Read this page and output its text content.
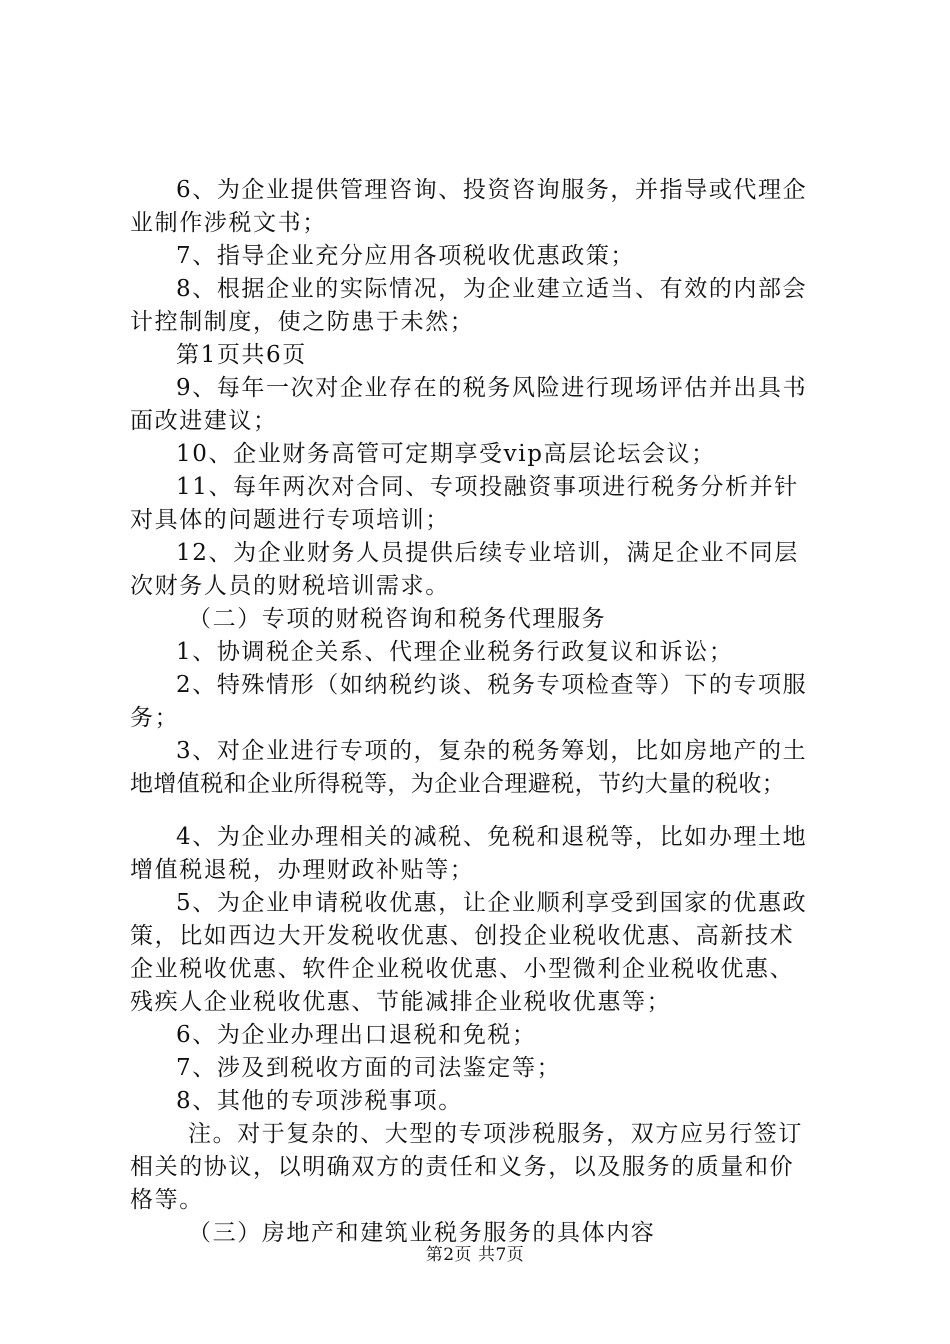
6、为企业提供管理咨询、投资咨询服务，并指导或代理企
业制作涉税文书；
7、指导企业充分应用各项税收优惠政策；
8、根据企业的实际情况，为企业建立适当、有效的内部会
计控制制度，使之防患于未然；
第1页共6页
9、每年一次对企业存在的税务风险进行现场评估并出具书
面改进建议；
10、企业财务高管可定期享受vip高层论坛会议；
11、每年两次对合同、专项投融资事项进行税务分析并针
对具体的问题进行专项培训；
12、为企业财务人员提供后续专业培训，满足企业不同层
次财务人员的财税培训需求。
（二）专项的财税咨询和税务代理服务
1、协调税企关系、代理企业税务行政复议和诉讼；
2、特殊情形（如纳税约谈、税务专项检查等）下的专项服
务；
3、对企业进行专项的，复杂的税务筹划，比如房地产的土
地增值税和企业所得税等，为企业合理避税，节约大量的税收；
4、为企业办理相关的减税、免税和退税等，比如办理土地
增值税退税，办理财政补贴等；
5、为企业申请税收优惠，让企业顺利享受到国家的优惠政
策，比如西边大开发税收优惠、创投企业税收优惠、高新技术
企业税收优惠、软件企业税收优惠、小型微利企业税收优惠、
残疾人企业税收优惠、节能减排企业税收优惠等；
6、为企业办理出口退税和免税；
7、涉及到税收方面的司法鉴定等；
8、其他的专项涉税事项。
注。对于复杂的、大型的专项涉税服务，双方应另行签订
相关的协议，以明确双方的责任和义务，以及服务的质量和价
格等。
（三）房地产和建筑业税务服务的具体内容
第2页 共7页
